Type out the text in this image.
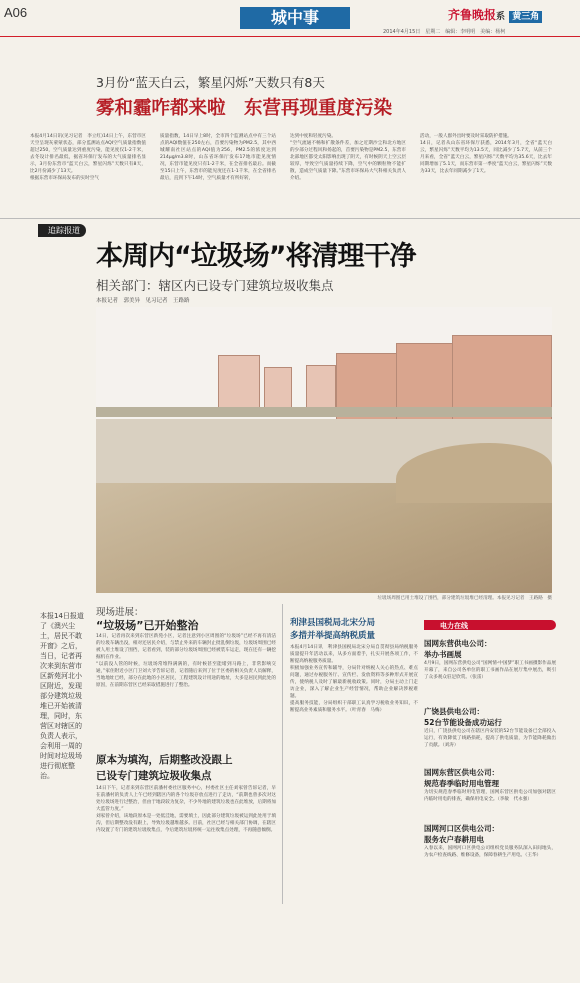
A06	城中事	齐鲁晚报系 黄三角
2014年4月15日　星期二　编辑：李明明　美编：杨柯
3月份“蓝天白云，繁星闪烁”天数只有8天
雾和霾咋都来啦　东营再现重度污染
本报4月14日讯(见习记者　李立红)14日上午，东营市区天空呈现灰蒙蒙状态，部分监测站点AQI空气质量指数值超过250，空气质量达到重度污染，能见度仅1-2千米，去冬设计排名最低，据省环保厅发布的大气质量排名显示，3月份东营市“蓝天白云，繁星闪烁”天数只有8天，比2月份减少了13天。
根据东营市环保局发布的实时空气
质量指数，14日早上8时，全市四个监测站点中有三个站点的AQI数值在250左右，首要污染物为PM2.5，其中西城耀南社区站点的AQI值为256，PM2.5的浓度达到214μg/m3.8时，山东省环保厅发布17地市能见度情况，东营市能见度只有1-2千米，在全省排名最后。而截至15日上午，东营市的能见度还在1-1千米，在全省排名最后，直到下午14时，空气质量才有所好转，
达到中度和轻度污染。
“空气流通不畅和扩散条件差，加之近期沙尘和北方地区的少部分过程风和扬起的，首要污染物是PM2.5，东营市北部地区都受太阳影响出现了阴天，有时候阴天上空云层较厚，导致空气质量持续下降，空气中的颗粒物不能扩散，造成空气质量下降。”东营市环保局大气科相关负责人介绍。
活动，一般人群外出时要及时采取防护措施。
14日，记者从山东省环保厅获悉，2014年3月，全省“蓝天白云，繁星闪烁”天数平均为13.5天，同比减少了5.7天，从前三个月来看，全省“蓝天白云，繁星闪烁”天数平均为35.6天，比去年同期增加了5.1天，而东营市第一季度“蓝天白云，繁星闪烁”天数为33天，比去年同期减少了1天。
追踪报道
本周内“垃圾场”将清理干净
相关部门：辖区内已设专门建筑垃圾收集点
本报记者　郭美异　见习记者　王路路
垃圾场周围已用土堆设了围挡，部分建筑垃圾堆已经清理。本报见习记者　王路路　摄
本报14日报道了《澳兴尘土，居民不敢开窗》之后，当日，记者再次来到东营市区新苑河北小区附近，发现部分建筑垃圾堆已开始被清理，同时，东营区对辖区的负责人表示，会利用一周的时间对垃圾场进行彻底整治。
现场进展：
“垃圾场”已开始整治
14日，记者再次来到东营区新苑小区，记者注意到小区周围的“垃圾场”已经不再有清洁的垃圾车辆出没，相对还居民介绍，与禁止外来的车辆封止批乱倒垃圾，垃圾场周围已经被人用土堆设了围挡，记者看到，装的部分垃圾场周围已经被装车运走，现在还有一辆挖掘机在作业。
“以前没人管的时候，垃圾场常堆得满满的，有时候甚至能堵到马路上，非常影响交通，”家住附近小区门卫刘大爷告诉记者，记者随后来到了位于区委的相关负责人员解释，当地地址已经，部分在此地的小区居民，工程建筑设计用途的地址，大多是居民到此处的原因，在前期东营区已经采取措施进行了整治。
原本为填沟，后期整改没跟上
已设专门建筑垃圾收集点
14日下午，记者来到东营区前潘村委社区服务中心，村委社区主任刘家曾告诉记者，早在前潘村的负责人上午已经到辖区内的各个垃圾存放点进行了走访，“前期也曾多次对这处垃圾场进行过整治，但由于地段较为复杂，不少外地的建筑垃圾也在此堆放，后期将加大监管力度。”
刘家曾介绍，该地段原本是一处低洼地，需要填土，因此部分建筑垃圾被运到此处用于填沟，但后期整改没有跟上，导致垃圾越堆越多。目前，社区已经与相关部门协调，在辖区内设置了专门的建筑垃圾收集点，今后建筑垃圾将统一运往收集点处理，不再随意倾倒。
利津县国税局北宋分局
多措并举提高纳税质量
本报4月14日讯　利津县国税局北宋分局自贯彻县局纳税服务质量提升年活动以来，从多方面着手，扎实开展各项工作，不断提高纳税服务质量。
积极加强业务宣传和辅导，分局针对纳税人关心的热点、难点问题，通过办税服务厅、宣传栏、发放资料等多种形式开展宣传，使纳税人及时了解最新税收政策。同时，分局主动上门走访企业，深入了解企业生产经营情况，帮助企业解决涉税难题。
提高服务技能，分局组织干部职工认真学习税收业务知识，不断提高业务素质和服务水平。（叶青春　马梅）
电力在线
国网东营供电公司：
举办书画展
4月9日，国网东营供电公司“国网情·中国梦”职工书画摄影作品展开幕了，来自公司各单位的职工书画作品在展厅集中展出，吸引了众多观众驻足欣赏。（张雷）
广饶县供电公司：
52台节能设备成功运行
近日，广饶县供电公司在辖区内安装的52台节能设备已全部投入运行，有效降低了线路损耗，提高了供电质量，为节能降耗做出了贡献。（刘涛）
国网东营区供电公司：
规范春季临时用电管理
为切实规范春季临时用电管理，国网东营区供电公司加强对辖区内临时用电的排查，确保用电安全。（李敏　代永强）
国网河口区供电公司：
服务农户春耕用电
入春以来，国网河口区供电公司组织党员服务队深入田间地头，为农户检查线路、维修设备，保障春耕生产用电。（王华）
